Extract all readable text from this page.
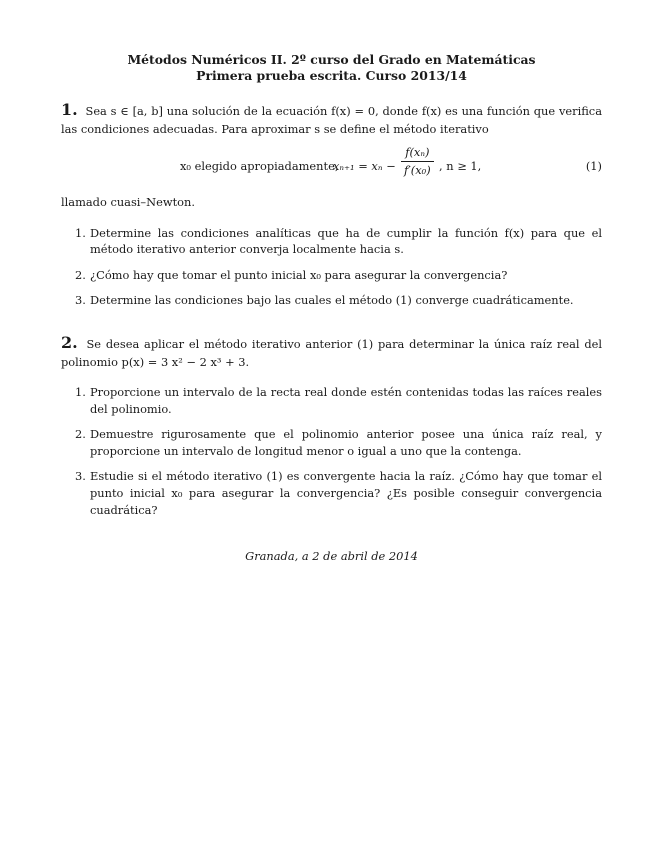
Métodos Numéricos II. 2º curso del Grado en Matemáticas
Primera prueba escrita. Curso 2013/14
1. Sea s ∈ [a, b] una solución de la ecuación f(x) = 0, donde f(x) es una función que verifica las condiciones adecuadas. Para aproximar s se define el método iterativo
x₀ elegido apropiadamente,
$x_{n+1} = x_n - \frac{\text{f(xₙ)}}{\text{f′(x₀)}}$ , n ≥ 1,	(1)
llamado cuasi–Newton.
1. Determine las condiciones analíticas que ha de cumplir la función f(x) para que el método iterativo anterior converja localmente hacia s.
2. ¿Cómo hay que tomar el punto inicial x₀ para asegurar la convergencia?
3. Determine las condiciones bajo las cuales el método (1) converge cuadráticamente.
2. Se desea aplicar el método iterativo anterior (1) para determinar la única raíz real del polinomio p(x) = 3 x² − 2 x³ + 3.
1. Proporcione un intervalo de la recta real donde estén contenidas todas las raíces reales del polinomio.
2. Demuestre rigurosamente que el polinomio anterior posee una única raíz real, y proporcione un intervalo de longitud menor o igual a uno que la contenga.
3. Estudie si el método iterativo (1) es convergente hacia la raíz. ¿Cómo hay que tomar el punto inicial x₀ para asegurar la convergencia? ¿Es posible conseguir convergencia cuadrática?
Granada, a 2 de abril de 2014
